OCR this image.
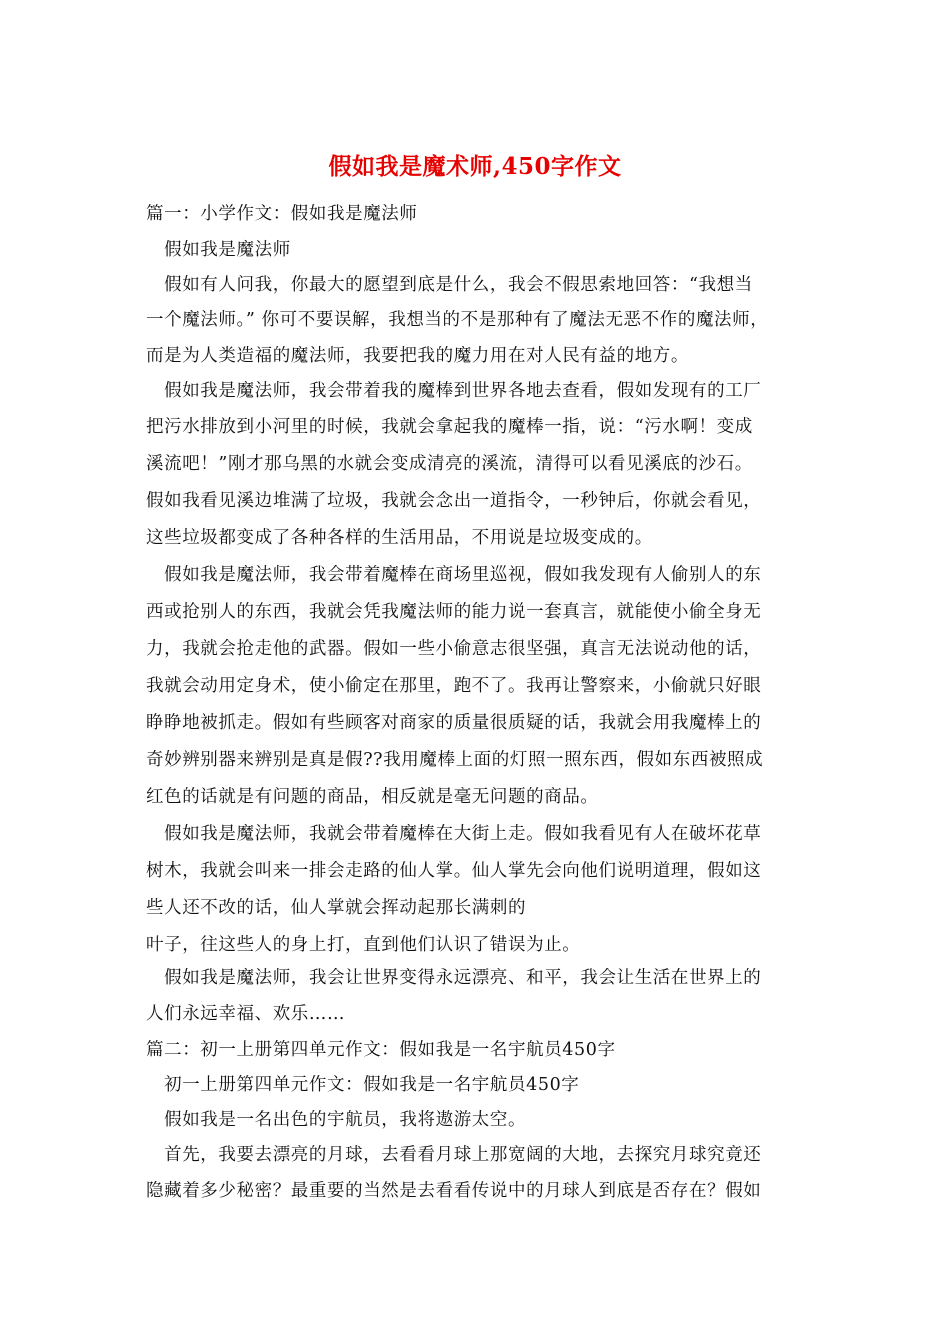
假如我是魔术师,450字作文
篇一：小学作文：假如我是魔法师
　假如我是魔法师
　假如有人问我，你最大的愿望到底是什么，我会不假思索地回答：“我想当
一个魔法师。” 你可不要误解，我想当的不是那种有了魔法无恶不作的魔法师，
而是为人类造福的魔法师，我要把我的魔力用在对人民有益的地方。
　假如我是魔法师，我会带着我的魔棒到世界各地去查看，假如发现有的工厂
把污水排放到小河里的时候，我就会拿起我的魔棒一指，说：“污水啊！变成
溪流吧！”刚才那乌黑的水就会变成清亮的溪流，清得可以看见溪底的沙石。
假如我看见溪边堆满了垃圾，我就会念出一道指令，一秒钟后，你就会看见，
这些垃圾都变成了各种各样的生活用品，不用说是垃圾变成的。
　假如我是魔法师，我会带着魔棒在商场里巡视，假如我发现有人偷别人的东
西或抢别人的东西，我就会凭我魔法师的能力说一套真言，就能使小偷全身无
力，我就会抢走他的武器。假如一些小偷意志很坚强，真言无法说动他的话，
我就会动用定身术，使小偷定在那里，跑不了。我再让警察来，小偷就只好眼
睁睁地被抓走。假如有些顾客对商家的质量很质疑的话，我就会用我魔棒上的
奇妙辨别器来辨别是真是假??我用魔棒上面的灯照一照东西，假如东西被照成
红色的话就是有问题的商品，相反就是毫无问题的商品。
　假如我是魔法师，我就会带着魔棒在大街上走。假如我看见有人在破坏花草
树木，我就会叫来一排会走路的仙人掌。仙人掌先会向他们说明道理，假如这
些人还不改的话，仙人掌就会挥动起那长满刺的
叶子，往这些人的身上打，直到他们认识了错误为止。
　假如我是魔法师，我会让世界变得永远漂亮、和平，我会让生活在世界上的
人们永远幸福、欢乐……
篇二：初一上册第四单元作文：假如我是一名宇航员450字
　初一上册第四单元作文：假如我是一名宇航员450字
　假如我是一名出色的宇航员，我将遨游太空。
　首先，我要去漂亮的月球，去看看月球上那宽阔的大地，去探究月球究竟还
隐藏着多少秘密？最重要的当然是去看看传说中的月球人到底是否存在？假如
